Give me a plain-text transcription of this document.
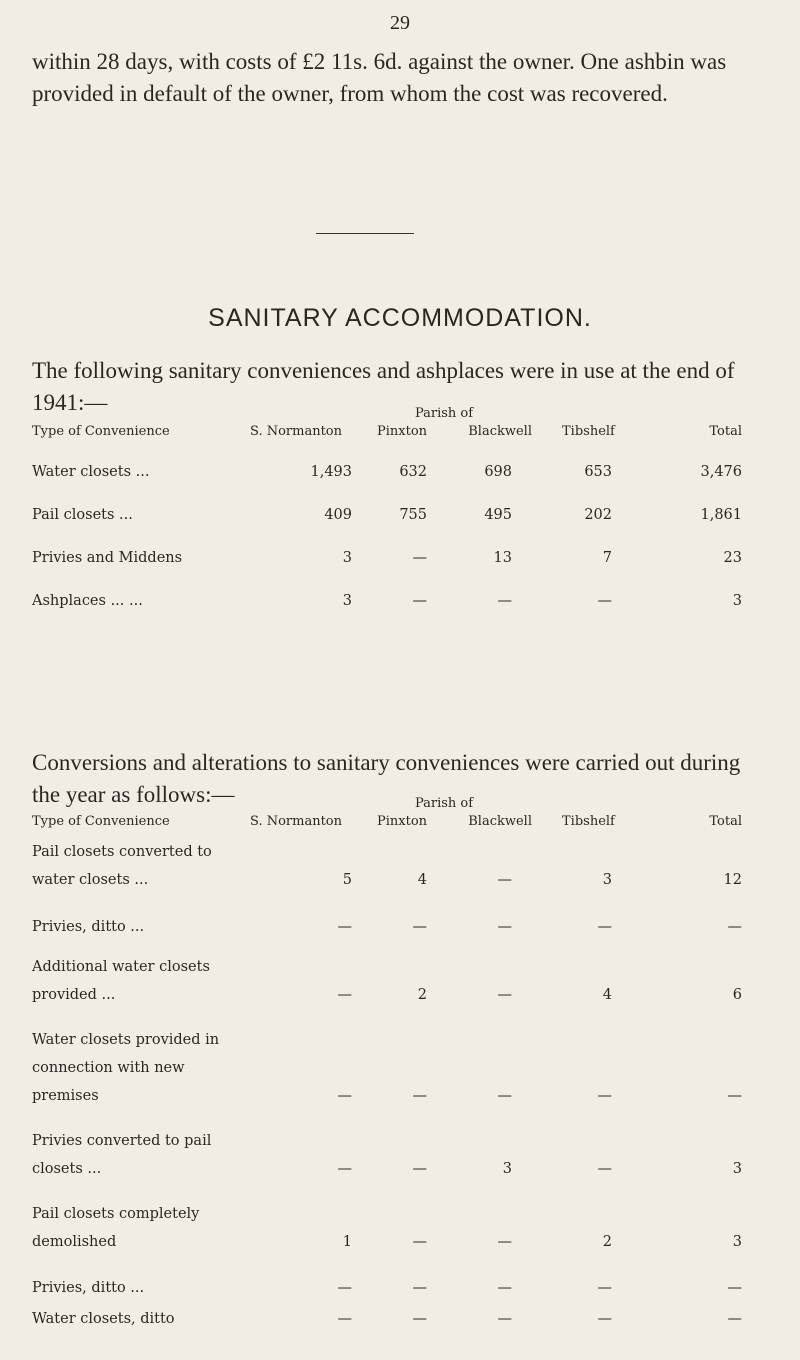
29
within 28 days, with costs of £2 11s. 6d. against the owner. One ashbin was provided in default of the owner, from whom the cost was recovered.
SANITARY ACCOMMODATION.
The following sanitary conveniences and ashplaces were in use at the end of 1941:—	Parish of
Type of Convenience	S. Normanton	Pinxton	Blackwell Tibshelf	Total
Water closets ...	1,493	632	698	653	3,476
Pail closets ...	409	755	495	202	1,861
Privies and Middens	3	—	13	7	23
Ashplaces ... ...	3	—	—	—	3
Conversions and alterations to sanitary conveniences were carried out during the year as follows:—	Parish of
Type of Convenience	S. Normanton	Pinxton	Blackwell Tibshelf	Total
Pail closets converted to water closets ...	5	4	—	3	12
Privies, ditto ...	—	—	—	—	—
Additional water closets provided ...	—	2	—	4	6
Water closets provided in connection with new premises	—	—	—	—	—
Privies converted to pail closets ...	—	—	3	—	3
Pail closets completely demolished	1	—	—	2	3
Privies, ditto ...	—	—	—	—	—
Water closets, ditto	—	—	—	—	—
